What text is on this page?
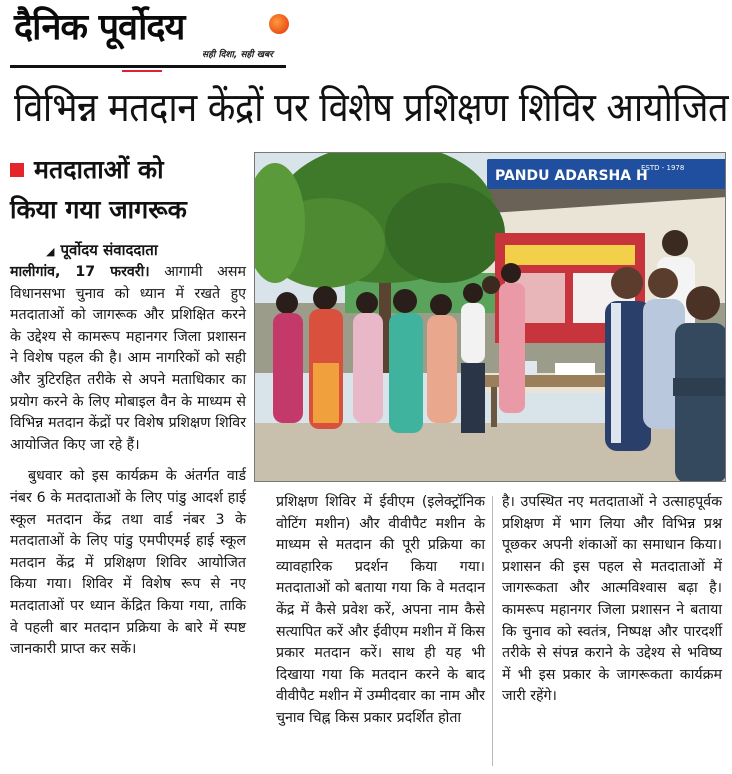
दैनिक पूर्वोदय
सही दिशा, सही खबर
विभिन्न मतदान केंद्रों पर विशेष प्रशिक्षण शिविर आयोजित
मतदाताओं को
किया गया जागरूक
◢ पूर्वोदय संवाददाता

मालीगांव, 17 फरवरी। आगामी असम विधानसभा चुनाव को ध्यान में रखते हुए मतदाताओं को जागरूक और प्रशिक्षित करने के उद्देश्य से कामरूप महानगर जिला प्रशासन ने विशेष पहल की है। आम नागरिकों को सही और त्रुटिरहित तरीके से अपने मताधिकार का प्रयोग करने के लिए मोबाइल वैन के माध्यम से विभिन्न मतदान केंद्रों पर विशेष प्रशिक्षण शिविर आयोजित किए जा रहे हैं।

बुधवार को इस कार्यक्रम के अंतर्गत वार्ड नंबर 6 के मतदाताओं के लिए पांडु आदर्श हाई स्कूल मतदान केंद्र तथा वार्ड नंबर 3 के मतदाताओं के लिए पांडु एमपीएमई हाई स्कूल मतदान केंद्र में प्रशिक्षण शिविर आयोजित किया गया। शिविर में विशेष रूप से नए मतदाताओं पर ध्यान केंद्रित किया गया, ताकि वे पहली बार मतदान प्रक्रिया के बारे में स्पष्ट जानकारी प्राप्त कर सकें।

PANDU ADARSHA H
ESTD - 1978

प्रशिक्षण शिविर में ईवीएम (इलेक्ट्रॉनिक वोटिंग मशीन) और वीवीपैट मशीन के माध्यम से मतदान की पूरी प्रक्रिया का व्यावहारिक प्रदर्शन किया गया। मतदाताओं को बताया गया कि वे मतदान केंद्र में कैसे प्रवेश करें, अपना नाम कैसे सत्यापित करें और ईवीएम मशीन में किस प्रकार मतदान करें। साथ ही यह भी दिखाया गया कि मतदान करने के बाद वीवीपैट मशीन में उम्मीदवार का नाम और चुनाव चिह्न किस प्रकार प्रदर्शित होता

है। उपस्थित नए मतदाताओं ने उत्साहपूर्वक प्रशिक्षण में भाग लिया और विभिन्न प्रश्न पूछकर अपनी शंकाओं का समाधान किया। प्रशासन की इस पहल से मतदाताओं में जागरूकता और आत्मविश्वास बढ़ा है। कामरूप महानगर जिला प्रशासन ने बताया कि चुनाव को स्वतंत्र, निष्पक्ष और पारदर्शी तरीके से संपन्न कराने के उद्देश्य से भविष्य में भी इस प्रकार के जागरूकता कार्यक्रम जारी रहेंगे।
